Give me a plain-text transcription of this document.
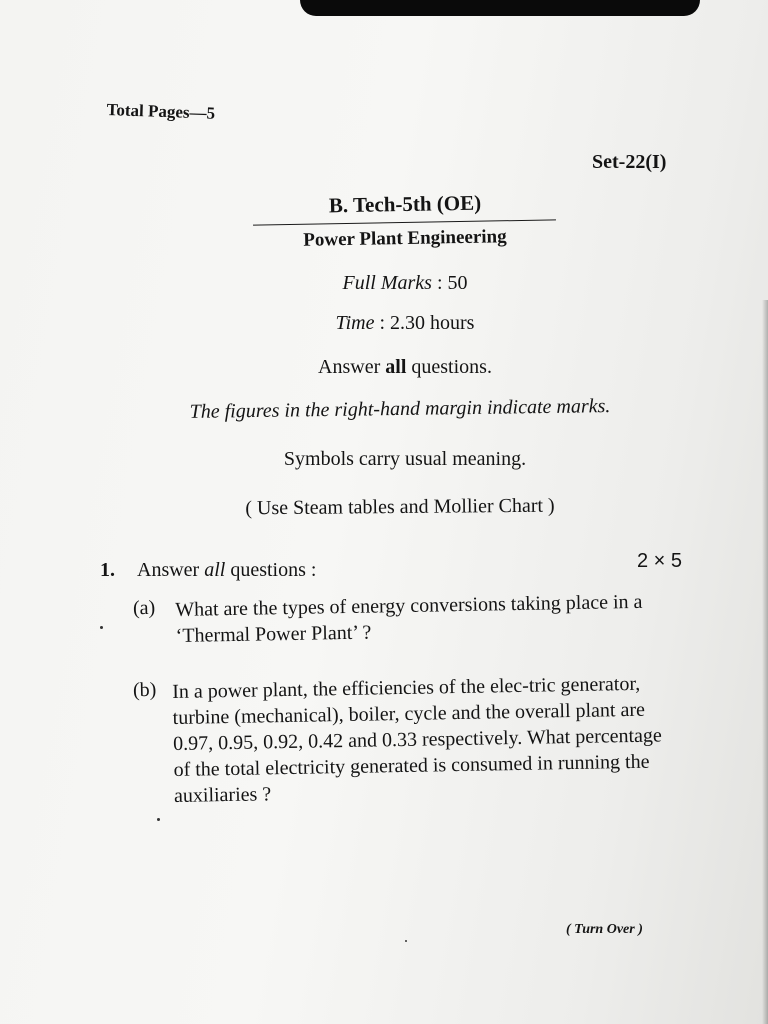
Total Pages—5
Set-22(I)
B. Tech-5th (OE)
Power Plant Engineering
Full Marks : 50
Time : 2.30 hours
Answer all questions.
The figures in the right-hand margin indicate marks.
Symbols carry usual meaning.
( Use Steam tables and Mollier Chart )
1. Answer all questions :	2 × 5
(a) What are the types of energy conversions taking place in a ‘Thermal Power Plant’ ?
(b) In a power plant, the efficiencies of the elec-tric generator, turbine (mechanical), boiler, cycle and the overall plant are 0.97, 0.95, 0.92, 0.42 and 0.33 respectively. What percentage of the total electricity generated is consumed in running the auxiliaries ?
( Turn Over )
